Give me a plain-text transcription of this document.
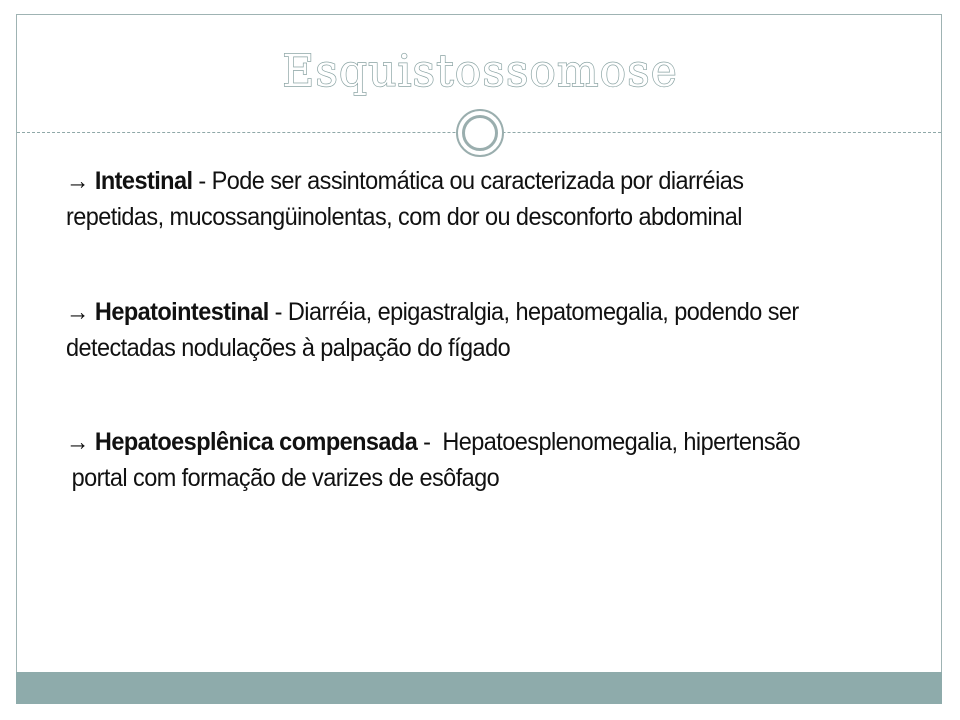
Esquistossomose
→ Intestinal - Pode ser assintomática ou caracterizada por diarréias
repetidas, mucossangüinolentas, com dor ou desconforto abdominal
→ Hepatointestinal - Diarréia, epigastralgia, hepatomegalia, podendo ser
detectadas nodulações à palpação do fígado
→ Hepatoesplênica compensada -  Hepatoesplenomegalia, hipertensão
portal com formação de varizes de esôfago
